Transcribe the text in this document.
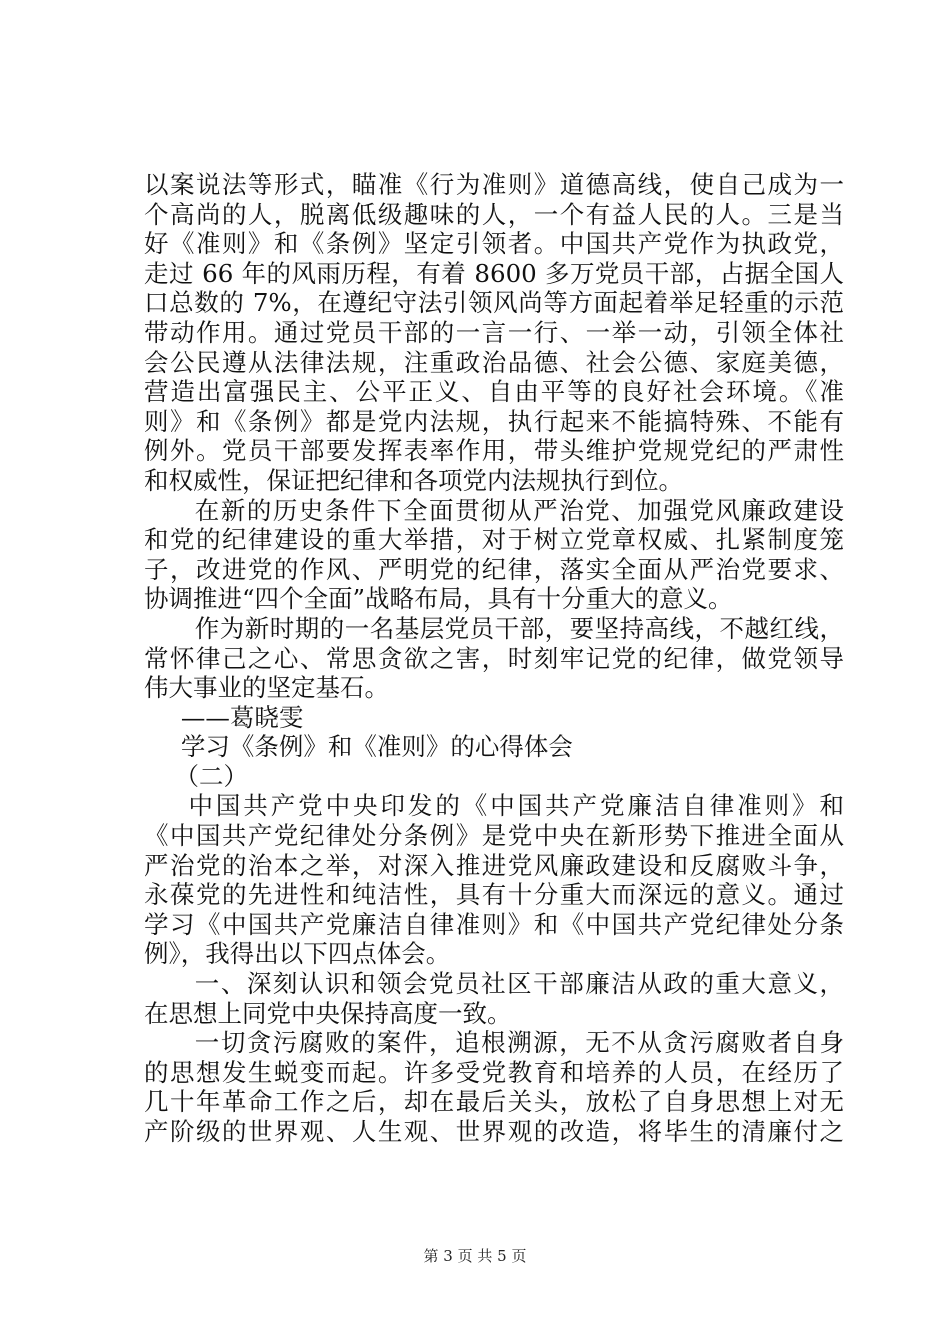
以案说法等形式，瞄准《行为准则》道德高线，使自己成为一
个高尚的人，脱离低级趣味的人，一个有益人民的人。三是当
好《准则》和《条例》坚定引领者。中国共产党作为执政党，
走过 66 年的风雨历程，有着 8600 多万党员干部，占据全国人
口总数的 7%，在遵纪守法引领风尚等方面起着举足轻重的示范
带动作用。通过党员干部的一言一行、一举一动，引领全体社
会公民遵从法律法规，注重政治品德、社会公德、家庭美德，
营造出富强民主、公平正义、自由平等的良好社会环境。《准
则》和《条例》都是党内法规，执行起来不能搞特殊、不能有
例外。党员干部要发挥表率作用，带头维护党规党纪的严肃性
和权威性，保证把纪律和各项党内法规执行到位。
在新的历史条件下全面贯彻从严治党、加强党风廉政建设
和党的纪律建设的重大举措，对于树立党章权威、扎紧制度笼
子，改进党的作风、严明党的纪律，落实全面从严治党要求、
协调推进“四个全面”战略布局，具有十分重大的意义。
作为新时期的一名基层党员干部，要坚持高线，不越红线，
常怀律己之心、常思贪欲之害，时刻牢记党的纪律，做党领导
伟大事业的坚定基石。
——葛晓雯
学习《条例》和《准则》的心得体会
（二）
中国共产党中央印发的《中国共产党廉洁自律准则》和
《中国共产党纪律处分条例》是党中央在新形势下推进全面从
严治党的治本之举，对深入推进党风廉政建设和反腐败斗争，
永葆党的先进性和纯洁性，具有十分重大而深远的意义。通过
学习《中国共产党廉洁自律准则》和《中国共产党纪律处分条
例》，我得出以下四点体会。
一、深刻认识和领会党员社区干部廉洁从政的重大意义，
在思想上同党中央保持高度一致。
一切贪污腐败的案件，追根溯源，无不从贪污腐败者自身
的思想发生蜕变而起。许多受党教育和培养的人员，在经历了
几十年革命工作之后，却在最后关头，放松了自身思想上对无
产阶级的世界观、人生观、世界观的改造，将毕生的清廉付之
第 3 页 共 5 页
